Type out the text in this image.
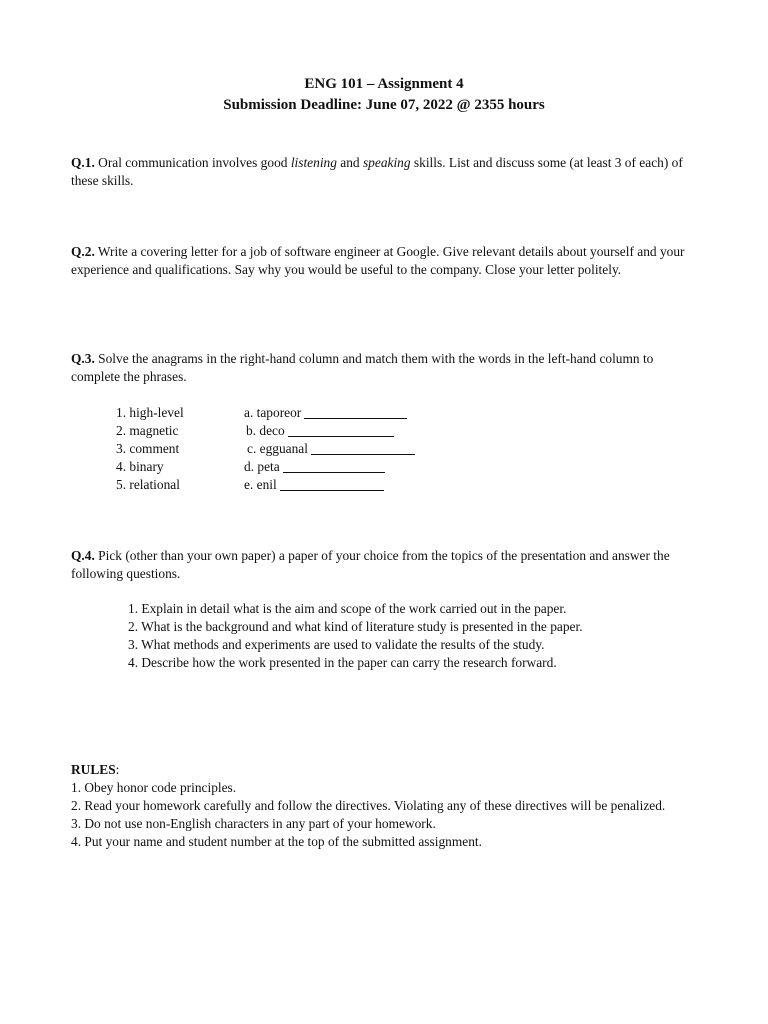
ENG 101 – Assignment 4
Submission Deadline: June 07, 2022 @ 2355 hours
Q.1. Oral communication involves good listening and speaking skills. List and discuss some (at least 3 of each) of these skills.
Q.2. Write a covering letter for a job of software engineer at Google. Give relevant details about yourself and your experience and qualifications. Say why you would be useful to the company. Close your letter politely.
Q.3. Solve the anagrams in the right-hand column and match them with the words in the left-hand column to complete the phrases.
1. high-level	a. taporeor
2. magnetic	b. deco
3. comment	c. egguanal
4. binary	d. peta
5. relational	e. enil
Q.4. Pick (other than your own paper) a paper of your choice from the topics of the presentation and answer the following questions.
1. Explain in detail what is the aim and scope of the work carried out in the paper.
2. What is the background and what kind of literature study is presented in the paper.
3. What methods and experiments are used to validate the results of the study.
4. Describe how the work presented in the paper can carry the research forward.
RULES:
1. Obey honor code principles.
2. Read your homework carefully and follow the directives. Violating any of these directives will be penalized.
3. Do not use non-English characters in any part of your homework.
4. Put your name and student number at the top of the submitted assignment.
